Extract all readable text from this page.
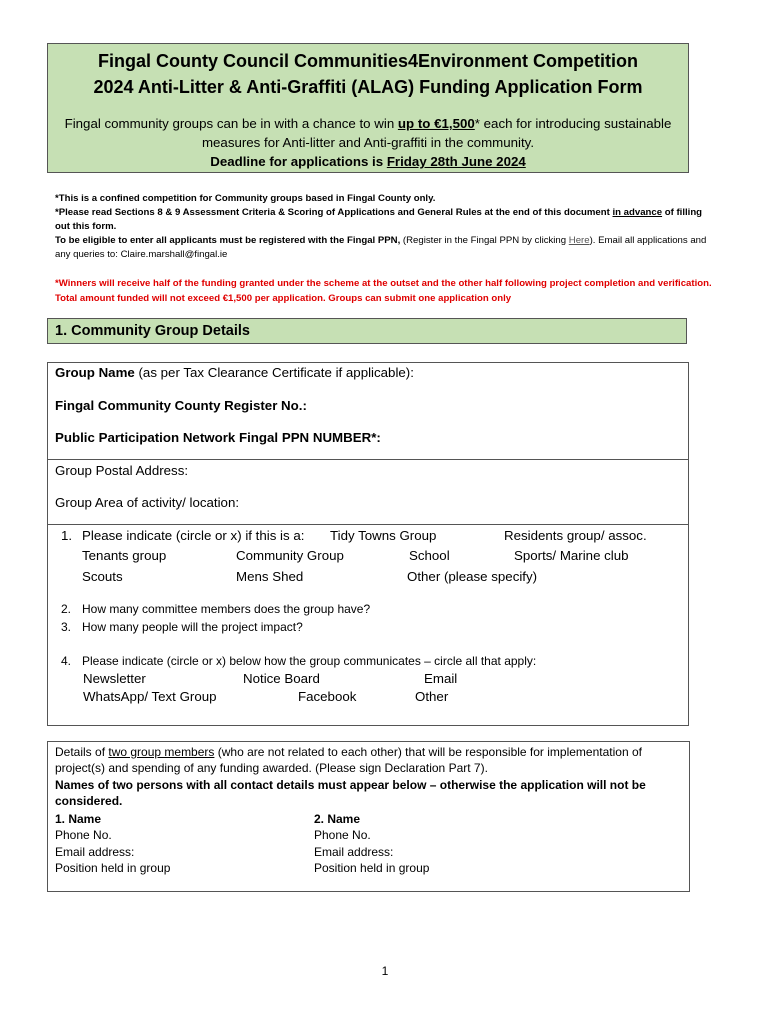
Fingal County Council Communities4Environment Competition
2024 Anti-Litter & Anti-Graffiti (ALAG) Funding Application Form
Fingal community groups can be in with a chance to win up to €1,500* each for introducing sustainable measures for Anti-litter and Anti-graffiti in the community.
Deadline for applications is Friday 28th June 2024
*This is a confined competition for Community groups based in Fingal County only.
*Please read Sections 8 & 9 Assessment Criteria & Scoring of Applications and General Rules at the end of this document in advance of filling out this form.
To be eligible to enter all applicants must be registered with the Fingal PPN, (Register in the Fingal PPN by clicking Here). Email all applications and any queries to: Claire.marshall@fingal.ie
*Winners will receive half of the funding granted under the scheme at the outset and the other half following project completion and verification. Total amount funded will not exceed €1,500 per application. Groups can submit one application only
1. Community Group Details
Group Name (as per Tax Clearance Certificate if applicable):
Fingal Community County Register No.:
Public Participation Network Fingal PPN NUMBER*:
Group Postal Address:
Group Area of activity/ location:
1. Please indicate (circle or x) if this is a: Tidy Towns Group	Residents group/ assoc.
Tenants group	Community Group	School	Sports/ Marine club
Scouts	Mens Shed	Other (please specify)
2. How many committee members does the group have?
3. How many people will the project impact?
4. Please indicate (circle or x) below how the group communicates – circle all that apply:
Newsletter	Notice Board	Email
WhatsApp/ Text Group	Facebook	Other
Details of two group members (who are not related to each other) that will be responsible for implementation of project(s) and spending of any funding awarded. (Please sign Declaration Part 7).
Names of two persons with all contact details must appear below – otherwise the application will not be considered.
1. Name
Phone No.
Email address:
Position held in group
2. Name
Phone No.
Email address:
Position held in group
1
